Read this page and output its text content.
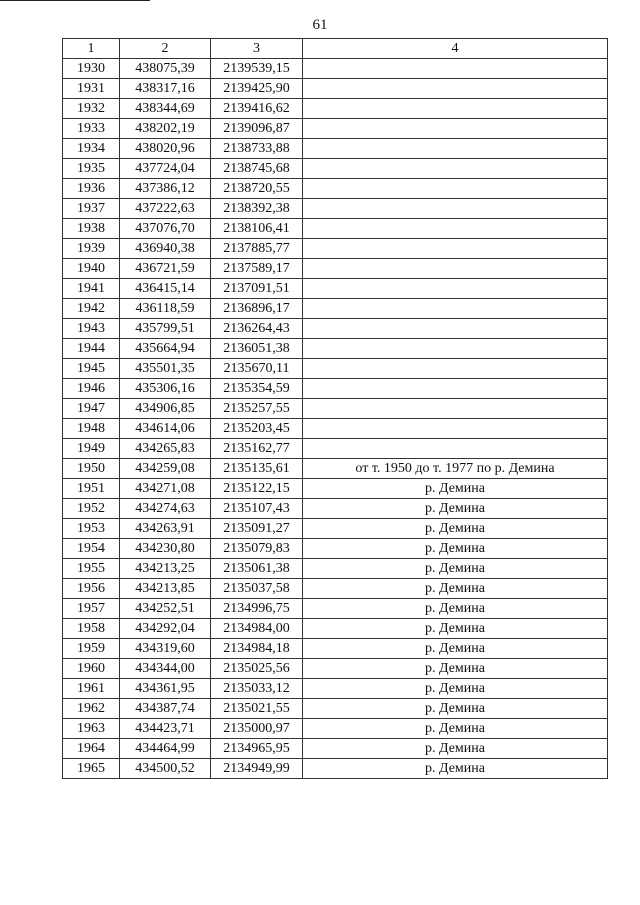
61
1	2	3	4
1930	438075,39	2139539,15	
1931	438317,16	2139425,90	
1932	438344,69	2139416,62	
1933	438202,19	2139096,87	
1934	438020,96	2138733,88	
1935	437724,04	2138745,68	
1936	437386,12	2138720,55	
1937	437222,63	2138392,38	
1938	437076,70	2138106,41	
1939	436940,38	2137885,77	
1940	436721,59	2137589,17	
1941	436415,14	2137091,51	
1942	436118,59	2136896,17	
1943	435799,51	2136264,43	
1944	435664,94	2136051,38	
1945	435501,35	2135670,11	
1946	435306,16	2135354,59	
1947	434906,85	2135257,55	
1948	434614,06	2135203,45	
1949	434265,83	2135162,77	
1950	434259,08	2135135,61	от т. 1950 до т. 1977 по р. Демина
1951	434271,08	2135122,15	р. Демина
1952	434274,63	2135107,43	р. Демина
1953	434263,91	2135091,27	р. Демина
1954	434230,80	2135079,83	р. Демина
1955	434213,25	2135061,38	р. Демина
1956	434213,85	2135037,58	р. Демина
1957	434252,51	2134996,75	р. Демина
1958	434292,04	2134984,00	р. Демина
1959	434319,60	2134984,18	р. Демина
1960	434344,00	2135025,56	р. Демина
1961	434361,95	2135033,12	р. Демина
1962	434387,74	2135021,55	р. Демина
1963	434423,71	2135000,97	р. Демина
1964	434464,99	2134965,95	р. Демина
1965	434500,52	2134949,99	р. Демина
